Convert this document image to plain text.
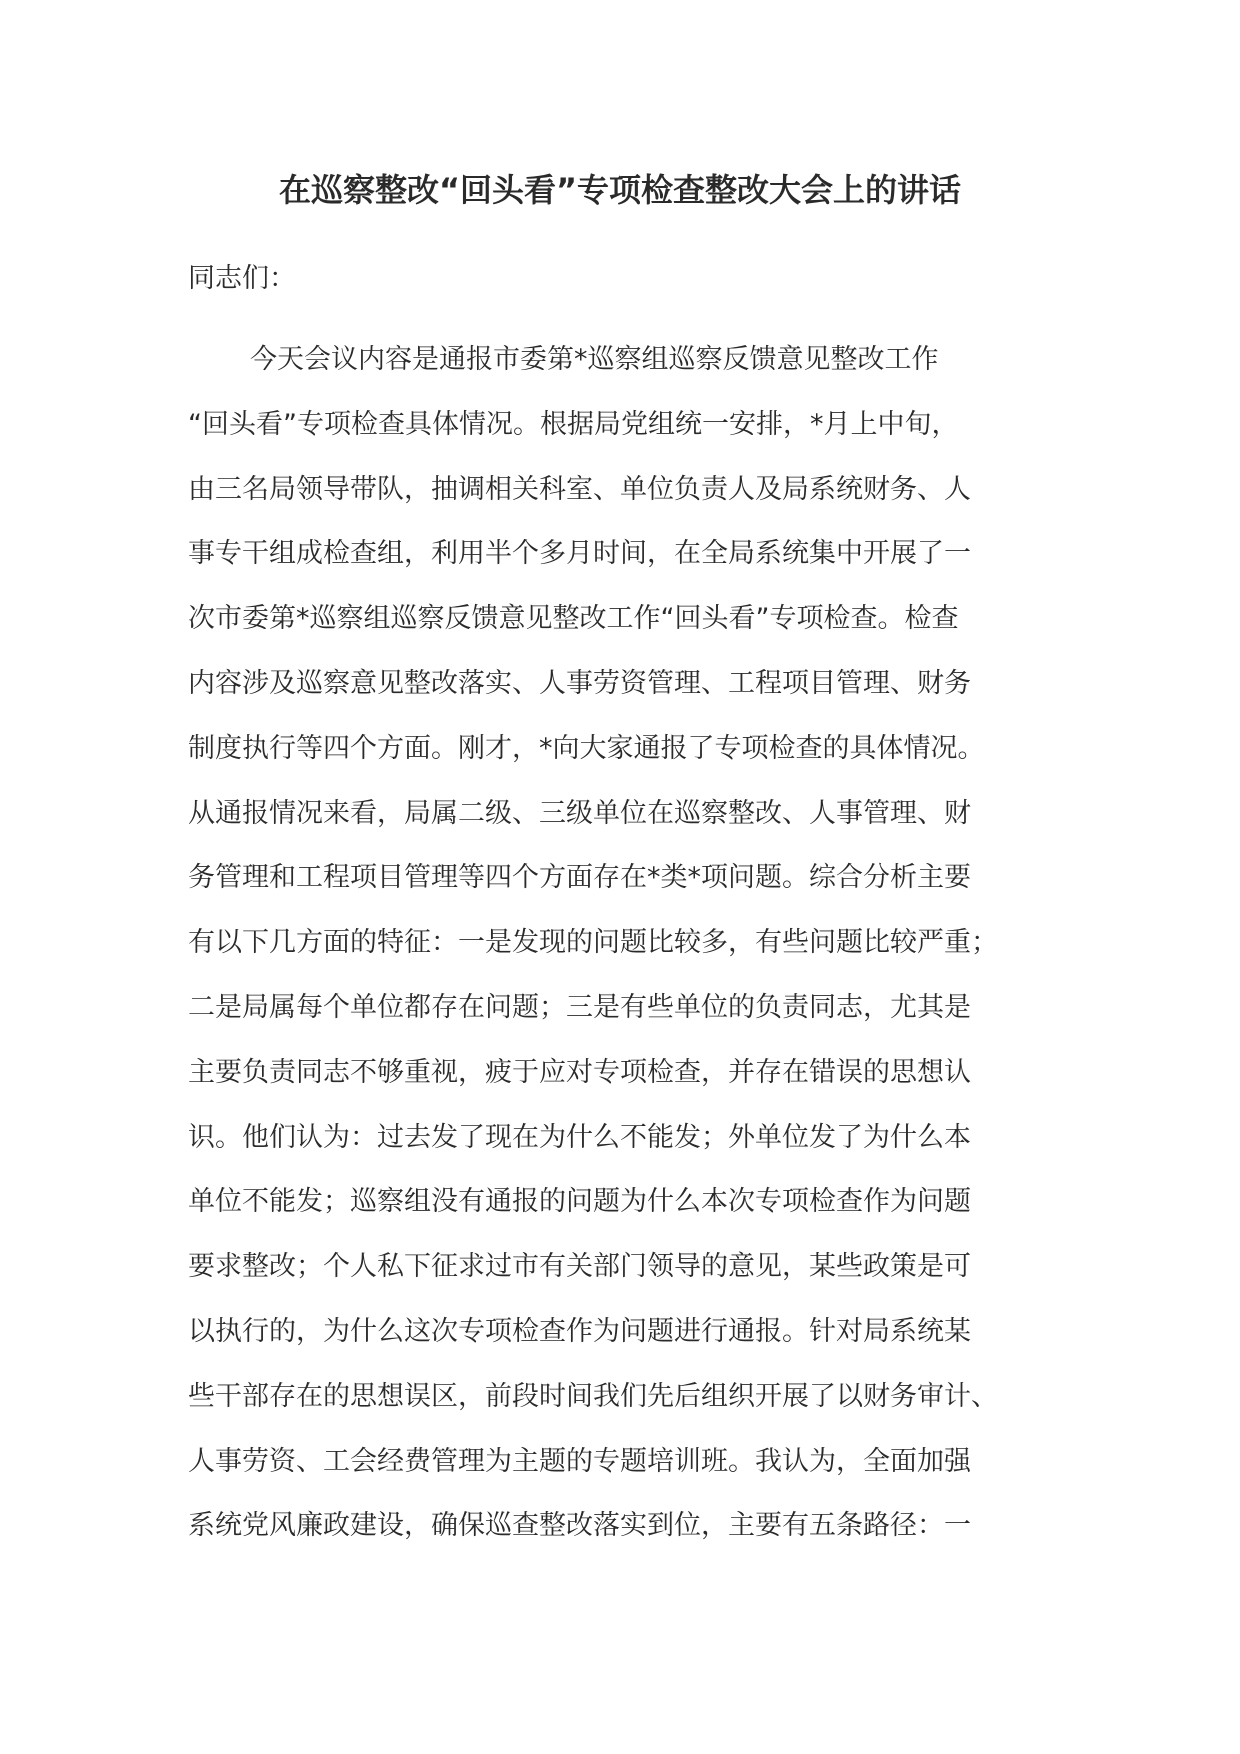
在巡察整改“回头看”专项检查整改大会上的讲话
同志们：
今天会议内容是通报市委第*巡察组巡察反馈意见整改工作
“回头看”专项检查具体情况。根据局党组统一安排，*月上中旬，
由三名局领导带队，抽调相关科室、单位负责人及局系统财务、人
事专干组成检查组，利用半个多月时间，在全局系统集中开展了一
次市委第*巡察组巡察反馈意见整改工作“回头看”专项检查。检查
内容涉及巡察意见整改落实、人事劳资管理、工程项目管理、财务
制度执行等四个方面。刚才，*向大家通报了专项检查的具体情况。
从通报情况来看，局属二级、三级单位在巡察整改、人事管理、财
务管理和工程项目管理等四个方面存在*类*项问题。综合分析主要
有以下几方面的特征：一是发现的问题比较多，有些问题比较严重；
二是局属每个单位都存在问题；三是有些单位的负责同志，尤其是
主要负责同志不够重视，疲于应对专项检查，并存在错误的思想认
识。他们认为：过去发了现在为什么不能发；外单位发了为什么本
单位不能发；巡察组没有通报的问题为什么本次专项检查作为问题
要求整改；个人私下征求过市有关部门领导的意见，某些政策是可
以执行的，为什么这次专项检查作为问题进行通报。针对局系统某
些干部存在的思想误区，前段时间我们先后组织开展了以财务审计、
人事劳资、工会经费管理为主题的专题培训班。我认为，全面加强
系统党风廉政建设，确保巡查整改落实到位，主要有五条路径：一
